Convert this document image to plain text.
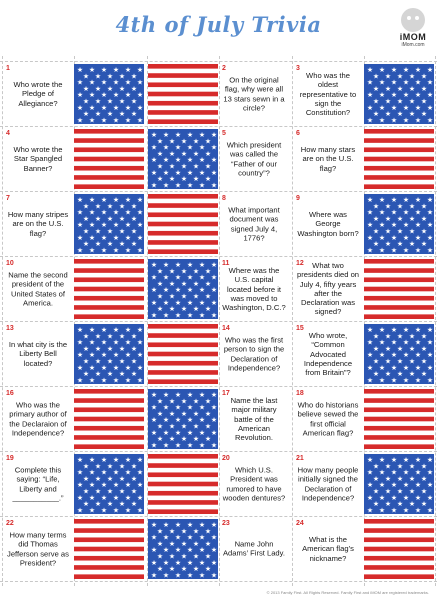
4th of July Trivia	iMOM
iMom.com
1
Who wrote the Pledge of Allegiance?
★ ★ ★ ★ ★ ★
★ ★ ★ ★ ★
★ ★ ★ ★ ★ ★
★ ★ ★ ★ ★
★ ★ ★ ★ ★ ★
★ ★ ★ ★ ★
★ ★ ★ ★ ★ ★
★ ★ ★ ★ ★
★ ★ ★ ★ ★ ★
2
On the original flag, why were all 13 stars sewn in a circle?
3
Who was the oldest representative to sign the Constitution?
★ ★ ★ ★ ★ ★
★ ★ ★ ★ ★
★ ★ ★ ★ ★ ★
★ ★ ★ ★ ★
★ ★ ★ ★ ★ ★
★ ★ ★ ★ ★
★ ★ ★ ★ ★ ★
★ ★ ★ ★ ★
★ ★ ★ ★ ★ ★
4
Who wrote the Star Spangled Banner?
5
Which president was called the “Father of our country”?
★ ★ ★ ★ ★ ★
★ ★ ★ ★ ★
★ ★ ★ ★ ★ ★
★ ★ ★ ★ ★
★ ★ ★ ★ ★ ★
★ ★ ★ ★ ★
★ ★ ★ ★ ★ ★
★ ★ ★ ★ ★
★ ★ ★ ★ ★ ★
6
How many stars are on the U.S. flag?
7
How many stripes are on the U.S. flag?
★ ★ ★ ★ ★ ★
★ ★ ★ ★ ★
★ ★ ★ ★ ★ ★
★ ★ ★ ★ ★
★ ★ ★ ★ ★ ★
★ ★ ★ ★ ★
★ ★ ★ ★ ★ ★
★ ★ ★ ★ ★
★ ★ ★ ★ ★ ★
8
What important document was signed July 4, 1776?
9
Where was George Washington born?
★ ★ ★ ★ ★ ★
★ ★ ★ ★ ★
★ ★ ★ ★ ★ ★
★ ★ ★ ★ ★
★ ★ ★ ★ ★ ★
★ ★ ★ ★ ★
★ ★ ★ ★ ★ ★
★ ★ ★ ★ ★
★ ★ ★ ★ ★ ★
10
Name the second president of the United States of America.
11
Where was the U.S. capital located before it was moved to Washington, D.C.?
★ ★ ★ ★ ★ ★
★ ★ ★ ★ ★
★ ★ ★ ★ ★ ★
★ ★ ★ ★ ★
★ ★ ★ ★ ★ ★
★ ★ ★ ★ ★
★ ★ ★ ★ ★ ★
★ ★ ★ ★ ★
★ ★ ★ ★ ★ ★
12	What two presidents died on July 4, fifty years after the Declaration was signed?
13
In what city is the Liberty Bell located?
★ ★ ★ ★ ★ ★
★ ★ ★ ★ ★
★ ★ ★ ★ ★ ★
★ ★ ★ ★ ★
★ ★ ★ ★ ★ ★
★ ★ ★ ★ ★
★ ★ ★ ★ ★ ★
★ ★ ★ ★ ★
★ ★ ★ ★ ★ ★
14
Who was the first person to sign the Declaration of Independence?
15
Who wrote, “Common Advocated Independence from Britain”?
★ ★ ★ ★ ★ ★
★ ★ ★ ★ ★
★ ★ ★ ★ ★ ★
★ ★ ★ ★ ★
★ ★ ★ ★ ★ ★
★ ★ ★ ★ ★
★ ★ ★ ★ ★ ★
★ ★ ★ ★ ★
★ ★ ★ ★ ★ ★
16
Who was the primary author of the Declaraion of Independence?
17
Name the last major military battle of the American Revolution.
★ ★ ★ ★ ★ ★
★ ★ ★ ★ ★
★ ★ ★ ★ ★ ★
★ ★ ★ ★ ★
★ ★ ★ ★ ★ ★
★ ★ ★ ★ ★
★ ★ ★ ★ ★ ★
★ ★ ★ ★ ★
★ ★ ★ ★ ★ ★
18
Who do historians believe sewed the first official American flag?
19
Complete this saying: “Life, Liberty and ___________.”
★ ★ ★ ★ ★ ★
★ ★ ★ ★ ★
★ ★ ★ ★ ★ ★
★ ★ ★ ★ ★
★ ★ ★ ★ ★ ★
★ ★ ★ ★ ★
★ ★ ★ ★ ★ ★
★ ★ ★ ★ ★
★ ★ ★ ★ ★ ★
20
Which U.S. President was rumored to have wooden dentures?
21
How many people initially signed the Declaration of Independence?
★ ★ ★ ★ ★ ★
★ ★ ★ ★ ★
★ ★ ★ ★ ★ ★
★ ★ ★ ★ ★
★ ★ ★ ★ ★ ★
★ ★ ★ ★ ★
★ ★ ★ ★ ★ ★
★ ★ ★ ★ ★
★ ★ ★ ★ ★ ★
22
How many terms did Thomas Jefferson serve as President?
23
Name John Adams’ First Lady.
★ ★ ★ ★ ★ ★
★ ★ ★ ★ ★
★ ★ ★ ★ ★ ★
★ ★ ★ ★ ★
★ ★ ★ ★ ★ ★
★ ★ ★ ★ ★
★ ★ ★ ★ ★ ★
★ ★ ★ ★ ★
★ ★ ★ ★ ★ ★
24
What is the American flag’s nickname?
© 2013 Family First. All Rights Reserved. Family First and iMOM are registered trademarks.
